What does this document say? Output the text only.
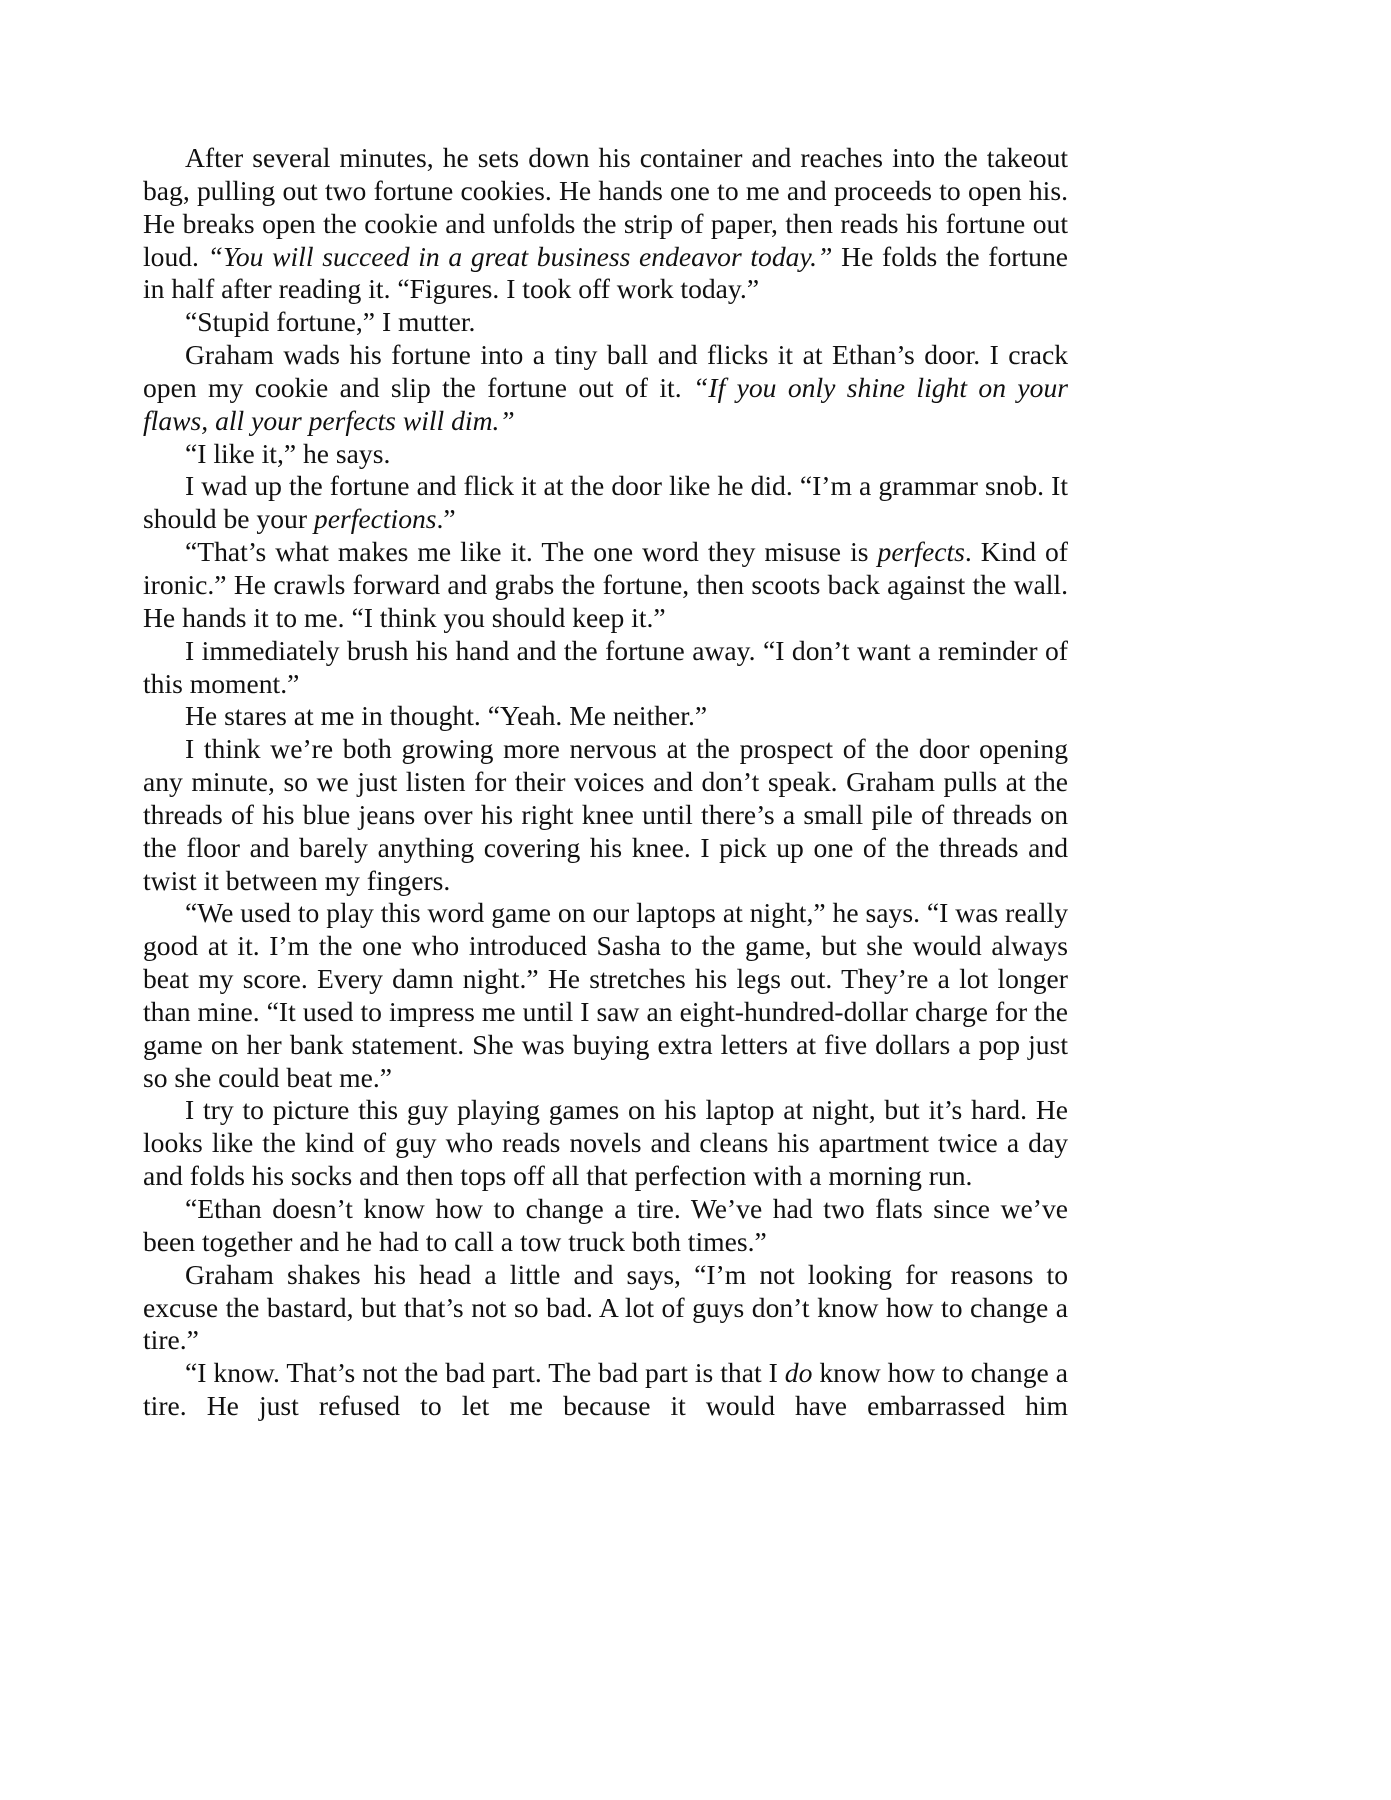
After several minutes, he sets down his container and reaches into the takeout bag, pulling out two fortune cookies. He hands one to me and proceeds to open his. He breaks open the cookie and unfolds the strip of paper, then reads his fortune out loud. “You will succeed in a great business endeavor today.” He folds the fortune in half after reading it. “Figures. I took off work today.”

“Stupid fortune,” I mutter.

Graham wads his fortune into a tiny ball and flicks it at Ethan’s door. I crack open my cookie and slip the fortune out of it. “If you only shine light on your flaws, all your perfects will dim.”

“I like it,” he says.

I wad up the fortune and flick it at the door like he did. “I’m a grammar snob. It should be your perfections.”

“That’s what makes me like it. The one word they misuse is perfects. Kind of ironic.” He crawls forward and grabs the fortune, then scoots back against the wall. He hands it to me. “I think you should keep it.”

I immediately brush his hand and the fortune away. “I don’t want a reminder of this moment.”

He stares at me in thought. “Yeah. Me neither.”

I think we’re both growing more nervous at the prospect of the door opening any minute, so we just listen for their voices and don’t speak. Graham pulls at the threads of his blue jeans over his right knee until there’s a small pile of threads on the floor and barely anything covering his knee. I pick up one of the threads and twist it between my fingers.

“We used to play this word game on our laptops at night,” he says. “I was really good at it. I’m the one who introduced Sasha to the game, but she would always beat my score. Every damn night.” He stretches his legs out. They’re a lot longer than mine. “It used to impress me until I saw an eight-hundred-dollar charge for the game on her bank statement. She was buying extra letters at five dollars a pop just so she could beat me.”

I try to picture this guy playing games on his laptop at night, but it’s hard. He looks like the kind of guy who reads novels and cleans his apartment twice a day and folds his socks and then tops off all that perfection with a morning run.

“Ethan doesn’t know how to change a tire. We’ve had two flats since we’ve been together and he had to call a tow truck both times.”

Graham shakes his head a little and says, “I’m not looking for reasons to excuse the bastard, but that’s not so bad. A lot of guys don’t know how to change a tire.”

“I know. That’s not the bad part. The bad part is that I do know how to change a tire. He just refused to let me because it would have embarrassed him
